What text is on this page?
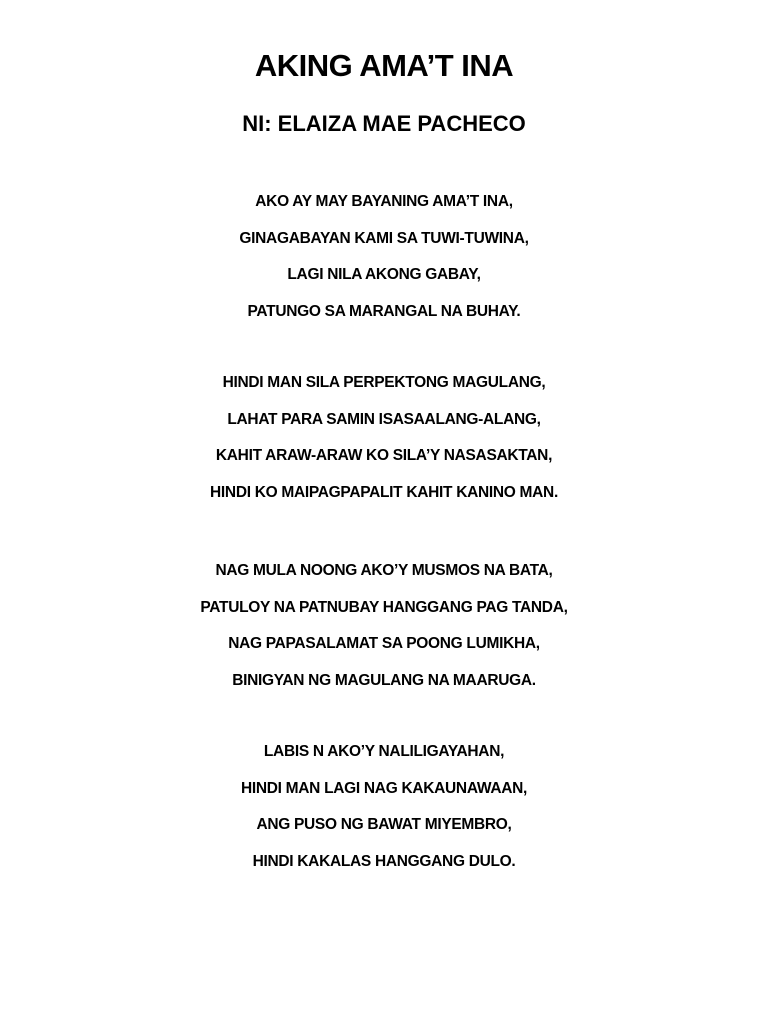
AKING AMA’T INA
NI: ELAIZA MAE PACHECO
AKO AY MAY BAYANING AMA’T INA,
GINAGABAYAN KAMI SA TUWI-TUWINA,
LAGI NILA AKONG GABAY,
PATUNGO SA MARANGAL NA BUHAY.
HINDI MAN SILA PERPEKTONG MAGULANG,
LAHAT PARA SAMIN ISASAALANG-ALANG,
KAHIT ARAW-ARAW KO SILA’Y NASASAKTAN,
HINDI KO MAIPAGPAPALIT KAHIT KANINO MAN.
NAG MULA NOONG AKO’Y MUSMOS NA BATA,
PATULOY NA PATNUBAY HANGGANG PAG TANDA,
NAG PAPASALAMAT SA POONG LUMIKHA,
BINIGYAN NG MAGULANG NA MAARUGA.
LABIS N AKO’Y NALILIGAYAHAN,
HINDI MAN LAGI NAG KAKAUNAWAAN,
ANG PUSO NG BAWAT MIYEMBRO,
HINDI KAKALAS HANGGANG DULO.
